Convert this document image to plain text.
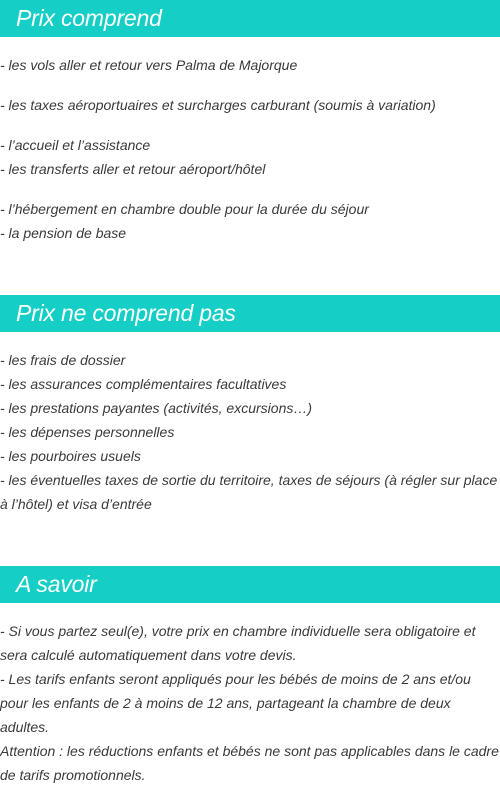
Prix comprend
- les vols aller et retour vers Palma de Majorque
- les taxes aéroportuaires et surcharges carburant (soumis à variation)
- l’accueil et l’assistance
- les transferts aller et retour aéroport/hôtel
- l’hébergement en chambre double pour la durée du séjour
- la pension de base
Prix ne comprend pas
- les frais de dossier
- les assurances complémentaires facultatives
- les prestations payantes (activités, excursions…)
- les dépenses personnelles
- les pourboires usuels
- les éventuelles taxes de sortie du territoire, taxes de séjours (à régler sur place à l’hôtel) et visa d’entrée
A savoir
- Si vous partez seul(e), votre prix en chambre individuelle sera obligatoire et sera calculé automatiquement dans votre devis.
- Les tarifs enfants seront appliqués pour les bébés de moins de 2 ans et/ou pour les enfants de 2 à moins de 12 ans, partageant la chambre de deux adultes.
Attention : les réductions enfants et bébés ne sont pas applicables dans le cadre de tarifs promotionnels.
